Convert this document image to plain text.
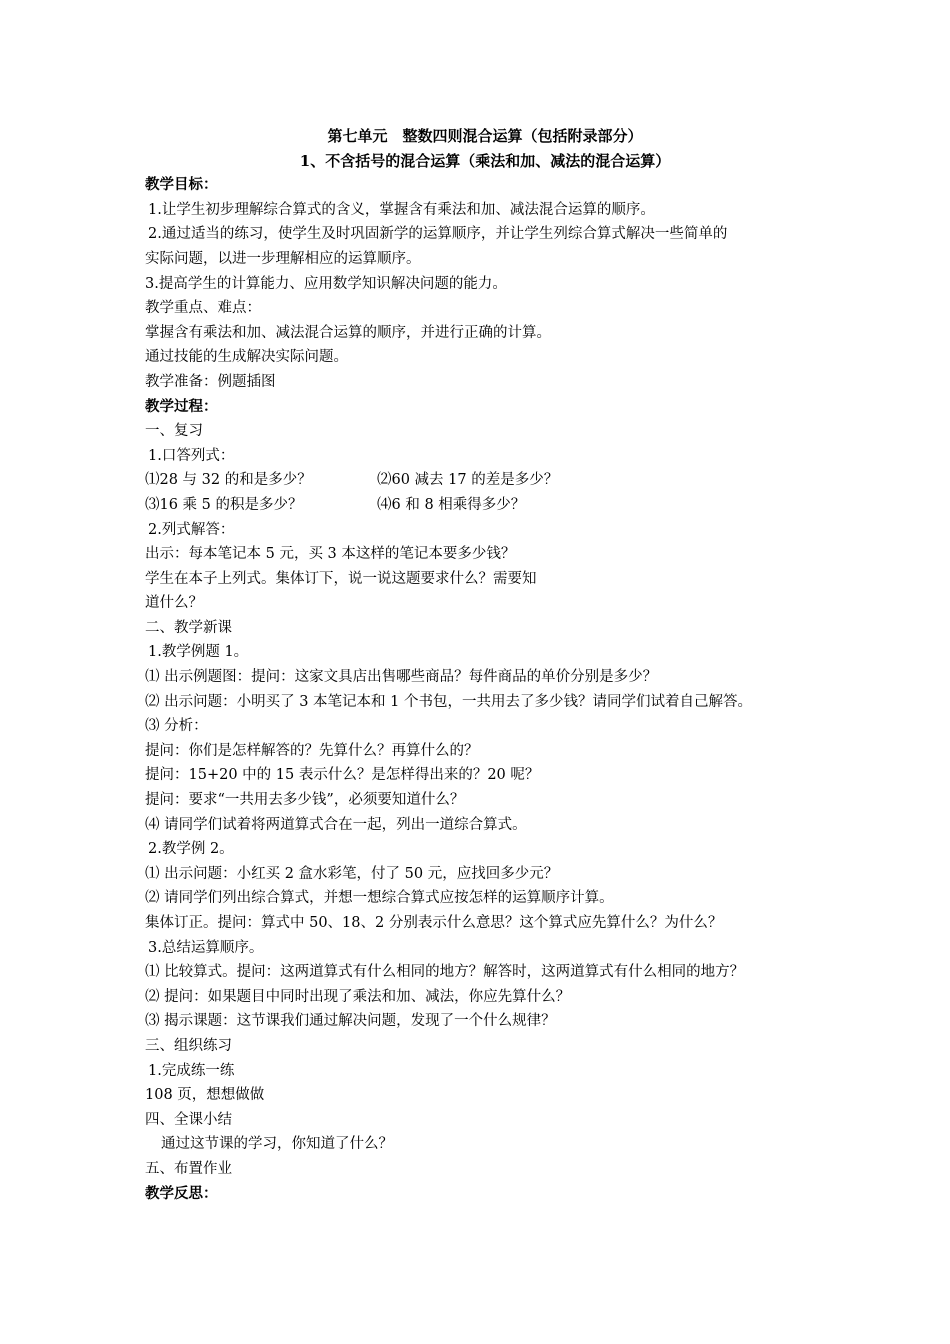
第七单元　整数四则混合运算（包括附录部分）

1、不含括号的混合运算（乘法和加、减法的混合运算）

教学目标：

1.让学生初步理解综合算式的含义，掌握含有乘法和加、减法混合运算的顺序。

2.通过适当的练习，使学生及时巩固新学的运算顺序，并让学生列综合算式解决一些简单的

实际问题，以进一步理解相应的运算顺序。

3.提高学生的计算能力、应用数学知识解决问题的能力。

教学重点、难点：

掌握含有乘法和加、减法混合运算的顺序，并进行正确的计算。

通过技能的生成解决实际问题。

教学准备：例题插图

教学过程：

一、复习

1.口答列式：

⑴28 与 32 的和是多少？	⑵60 减去 17 的差是多少？
⑶16 乘 5 的积是多少？	⑷6 和 8 相乘得多少？

2.列式解答：

出示：每本笔记本 5 元，买 3 本这样的笔记本要多少钱？

学生在本子上列式。集体订下，说一说这题要求什么？需要知

道什么？

二、教学新课

1.教学例题 1。

⑴ 出示例题图：提问：这家文具店出售哪些商品？每件商品的单价分别是多少？

⑵ 出示问题：小明买了 3 本笔记本和 1 个书包，一共用去了多少钱？请同学们试着自己解答。

⑶ 分析：

提问：你们是怎样解答的？先算什么？再算什么的？

提问：15+20 中的 15 表示什么？是怎样得出来的？20 呢？

提问：要求“一共用去多少钱”，必须要知道什么？

⑷ 请同学们试着将两道算式合在一起，列出一道综合算式。

2.教学例 2。

⑴ 出示问题：小红买 2 盒水彩笔，付了 50 元，应找回多少元？

⑵ 请同学们列出综合算式，并想一想综合算式应按怎样的运算顺序计算。

集体订正。提问：算式中 50、18、2 分别表示什么意思？这个算式应先算什么？为什么？

3.总结运算顺序。

⑴ 比较算式。提问：这两道算式有什么相同的地方？解答时，这两道算式有什么相同的地方？

⑵ 提问：如果题目中同时出现了乘法和加、减法，你应先算什么？

⑶ 揭示课题：这节课我们通过解决问题，发现了一个什么规律？

三、组织练习

1.完成练一练

108 页，想想做做

四、全课小结

通过这节课的学习，你知道了什么？

五、布置作业

教学反思：
